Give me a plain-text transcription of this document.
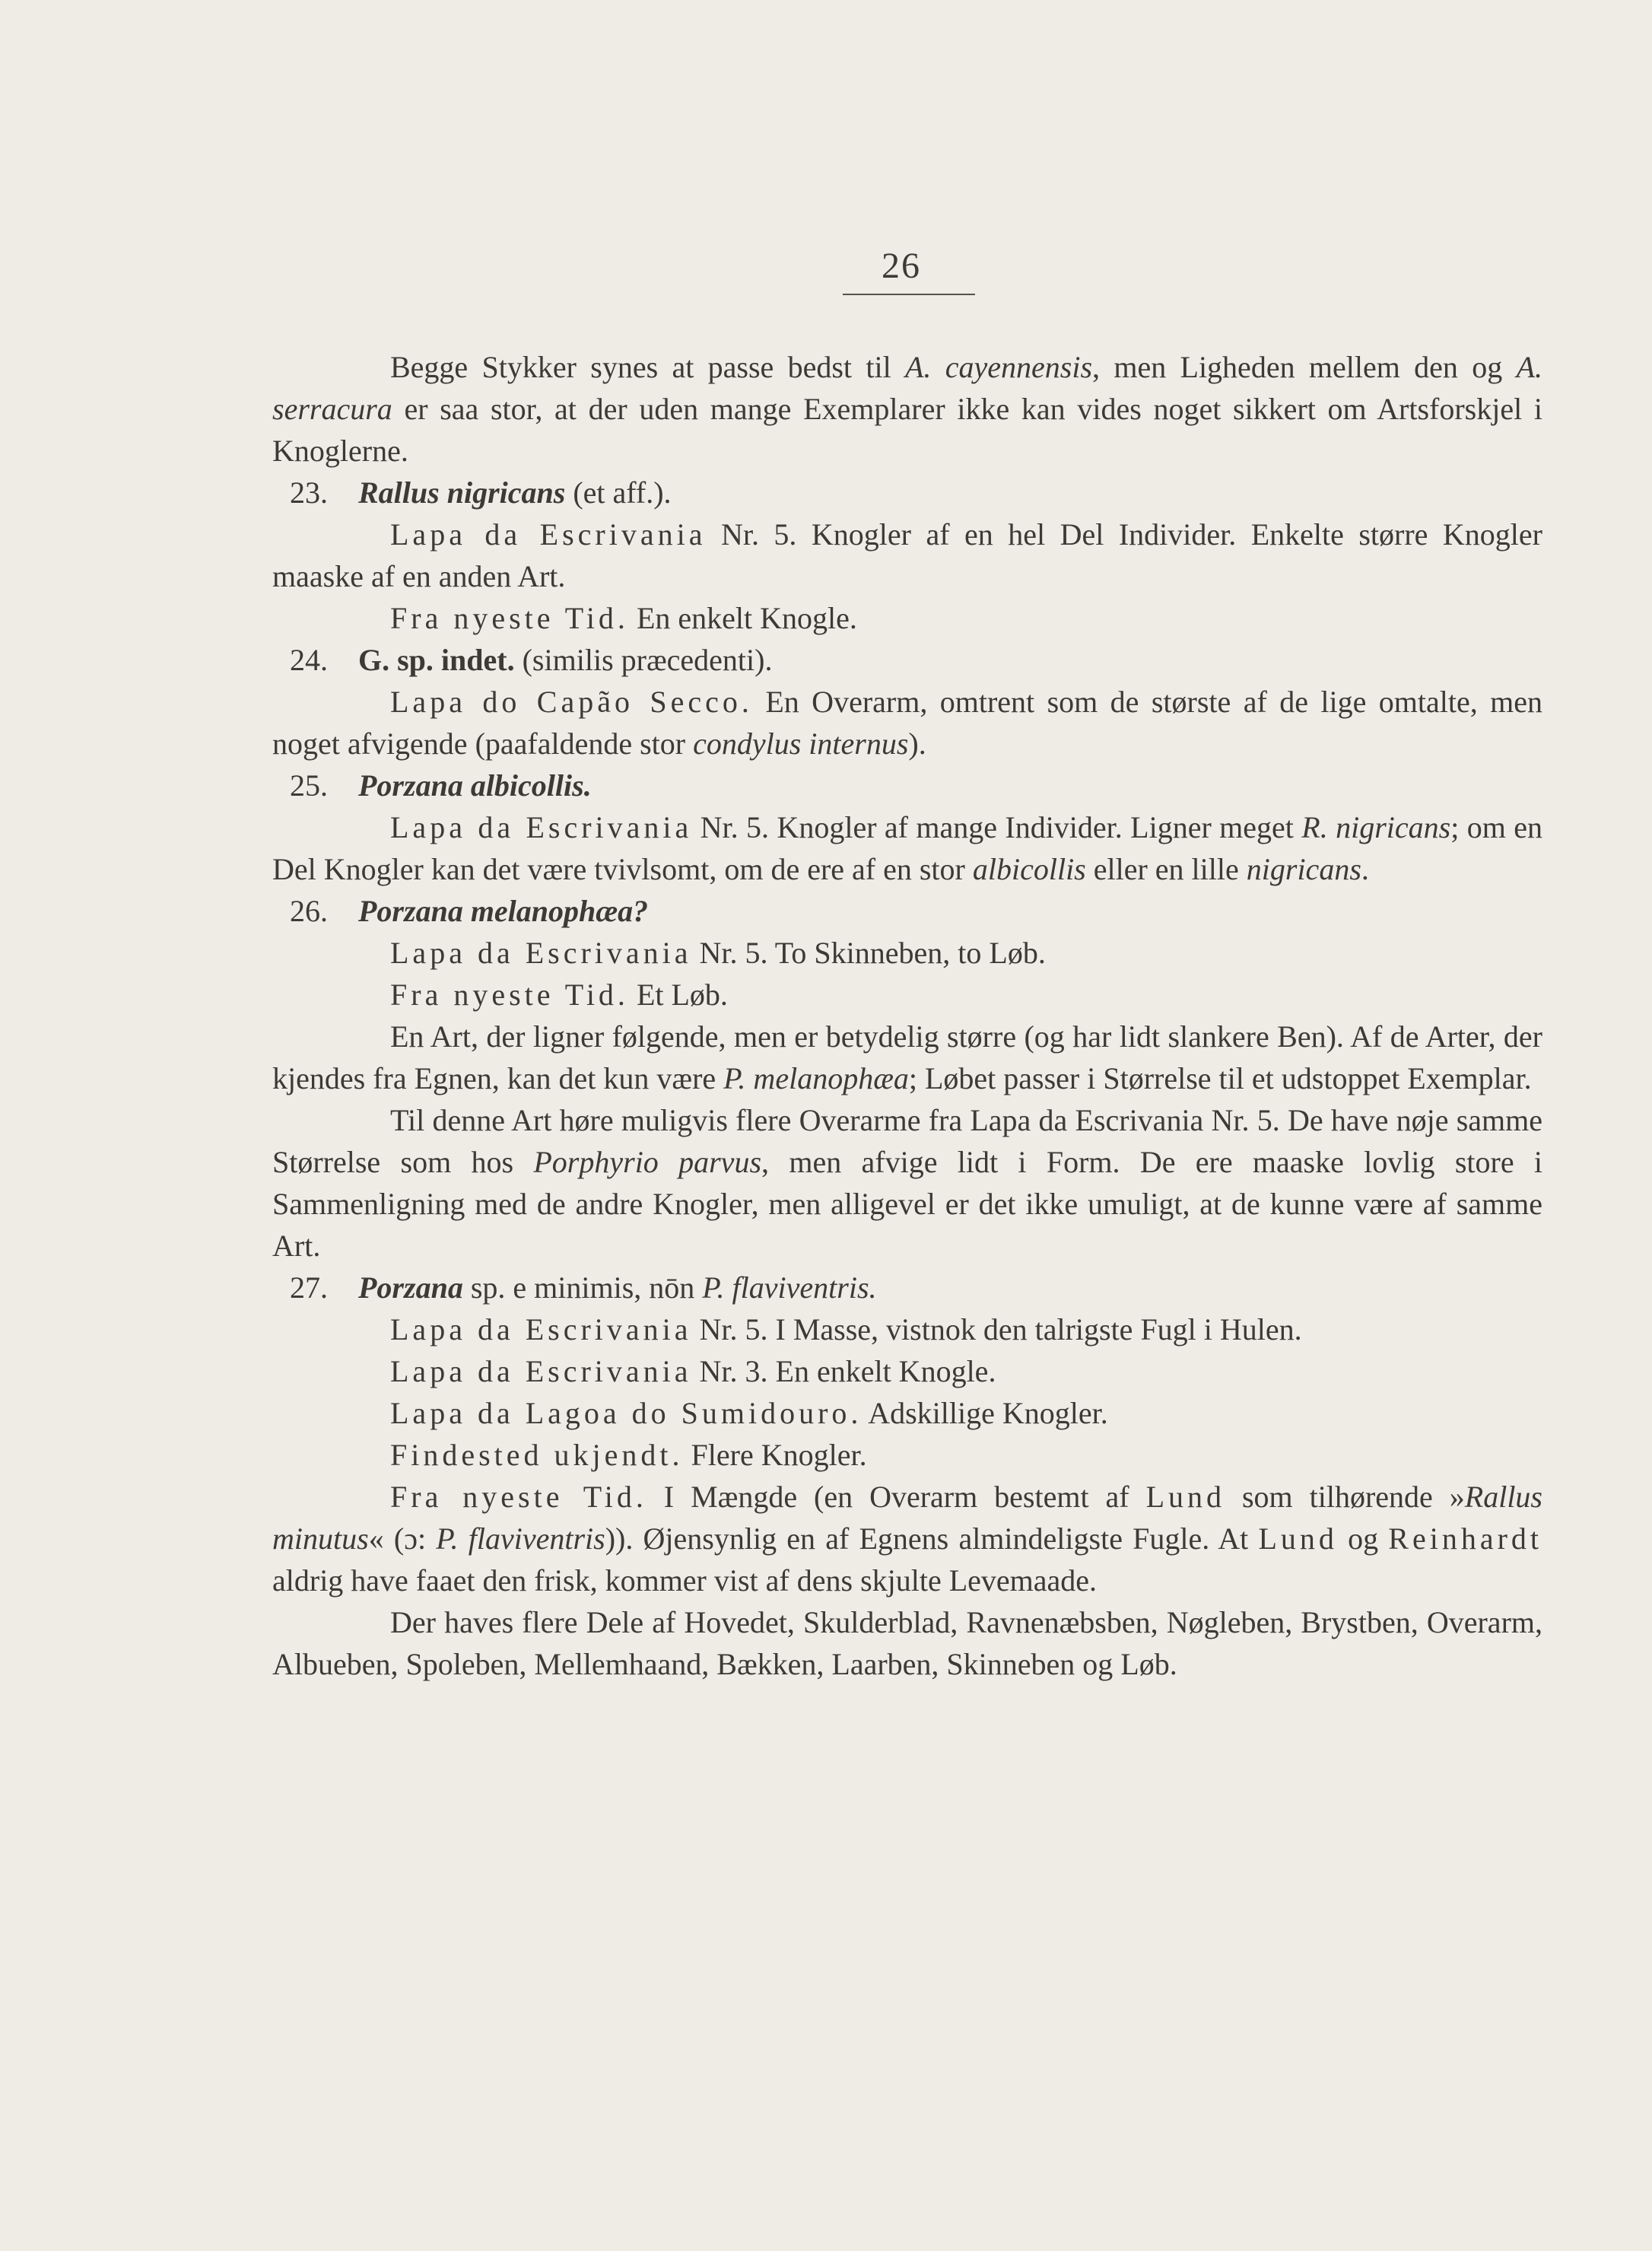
26

Begge Stykker synes at passe bedst til A. cayennensis, men Ligheden mellem den og A. serracura er saa stor, at der uden mange Exemplarer ikke kan vides noget sikkert om Artsforskjel i Knoglerne.

23. Rallus nigricans (et aff.).

Lapa da Escrivania Nr. 5. Knogler af en hel Del Individer. Enkelte større Knogler maaske af en anden Art.

Fra nyeste Tid. En enkelt Knogle.

24. G. sp. indet. (similis præcedenti).

Lapa do Capão Secco. En Overarm, omtrent som de største af de lige omtalte, men noget afvigende (paafaldende stor condylus internus).

25. Porzana albicollis.

Lapa da Escrivania Nr. 5. Knogler af mange Individer. Ligner meget R. nigricans; om en Del Knogler kan det være tvivlsomt, om de ere af en stor albicollis eller en lille nigricans.

26. Porzana melanophæa?

Lapa da Escrivania Nr. 5. To Skinneben, to Løb.

Fra nyeste Tid. Et Løb.

En Art, der ligner følgende, men er betydelig større (og har lidt slankere Ben). Af de Arter, der kjendes fra Egnen, kan det kun være P. melanophæa; Løbet passer i Størrelse til et udstoppet Exemplar.

Til denne Art høre muligvis flere Overarme fra Lapa da Escrivania Nr. 5. De have nøje samme Størrelse som hos Porphyrio parvus, men afvige lidt i Form. De ere maaske lovlig store i Sammenligning med de andre Knogler, men alligevel er det ikke umuligt, at de kunne være af samme Art.

27. Porzana sp. e minimis, nōn P. flaviventris.

Lapa da Escrivania Nr. 5. I Masse, vistnok den talrigste Fugl i Hulen.

Lapa da Escrivania Nr. 3. En enkelt Knogle.

Lapa da Lagoa do Sumidouro. Adskillige Knogler.

Findested ukjendt. Flere Knogler.

Fra nyeste Tid. I Mængde (en Overarm bestemt af Lund som tilhørende »Rallus minutus« (ɔ: P. flaviventris)). Øjensynlig en af Egnens almindeligste Fugle. At Lund og Reinhardt aldrig have faaet den frisk, kommer vist af dens skjulte Levemaade.

Der haves flere Dele af Hovedet, Skulderblad, Ravnenæbsben, Nøgleben, Brystben, Overarm, Albueben, Spoleben, Mellemhaand, Bækken, Laarben, Skinneben og Løb.
